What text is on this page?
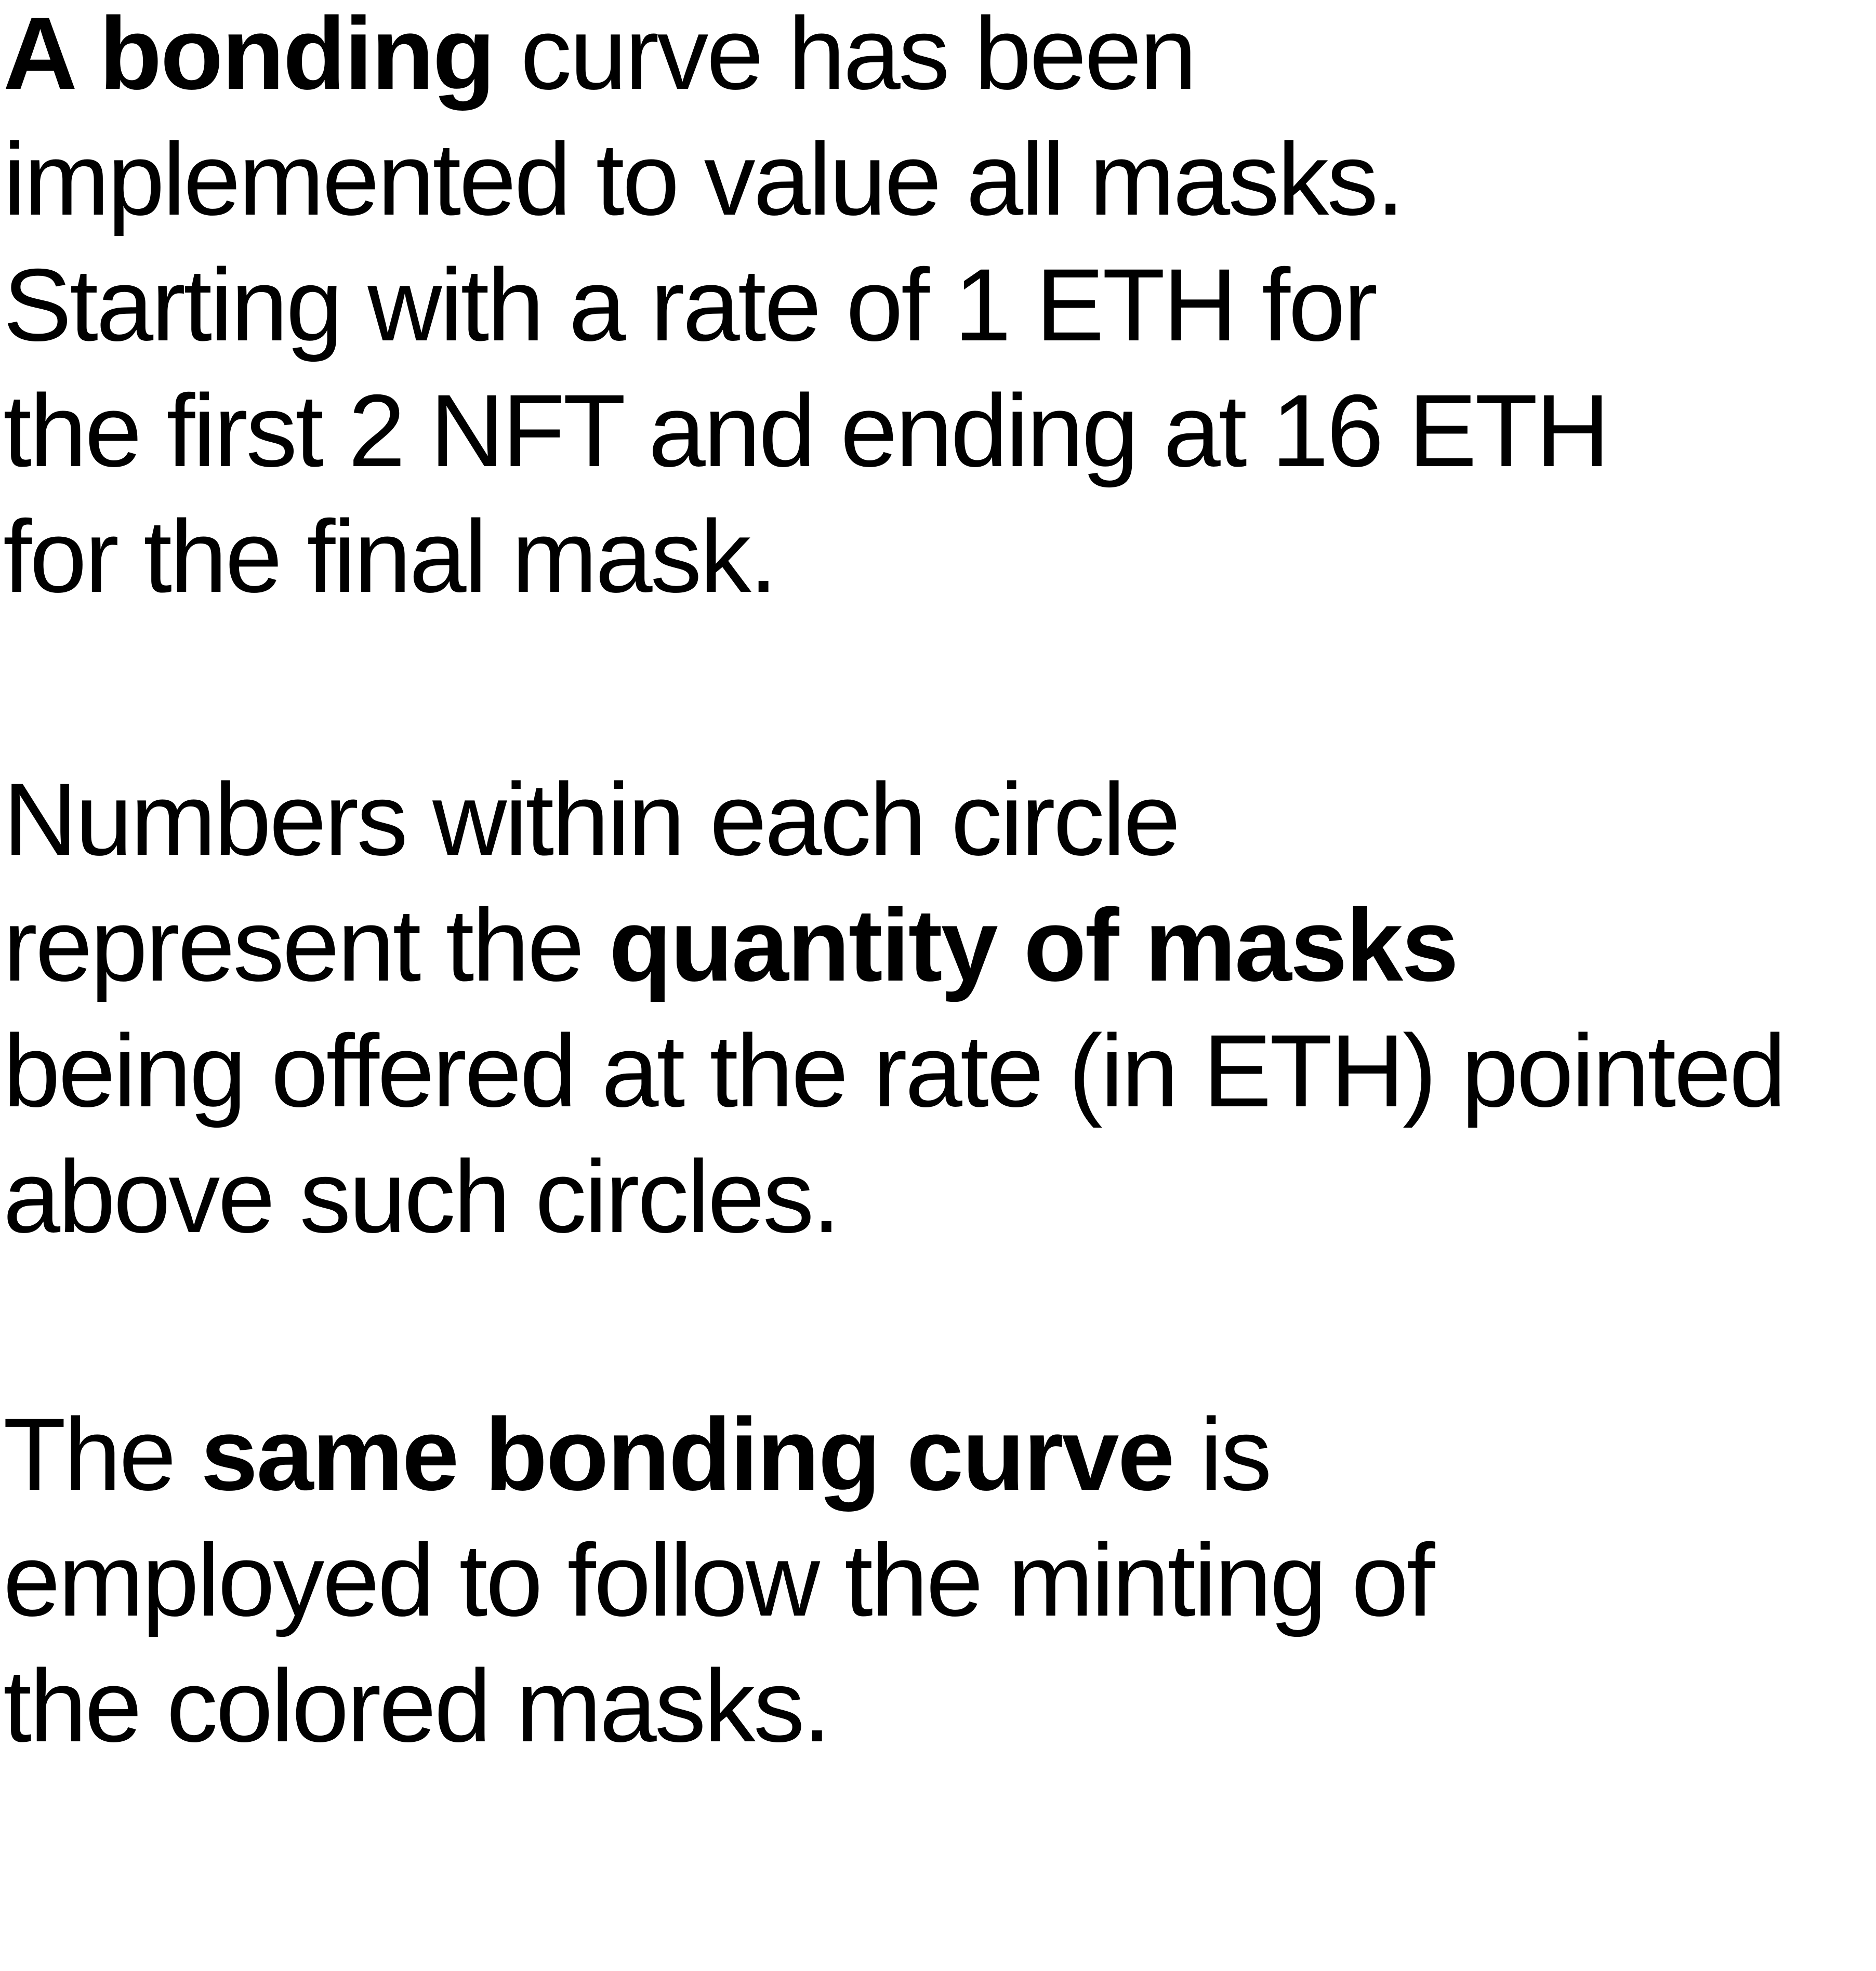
A bonding curve has been
implemented to value all masks.
Starting with a rate of 1 ETH for
the first 2 NFT and ending at 16 ETH
for the final mask.

Numbers within each circle
represent the quantity of masks
being offered at the rate (in ETH) pointed
above such circles.

The same bonding curve is
employed to follow the minting of
the colored masks.
